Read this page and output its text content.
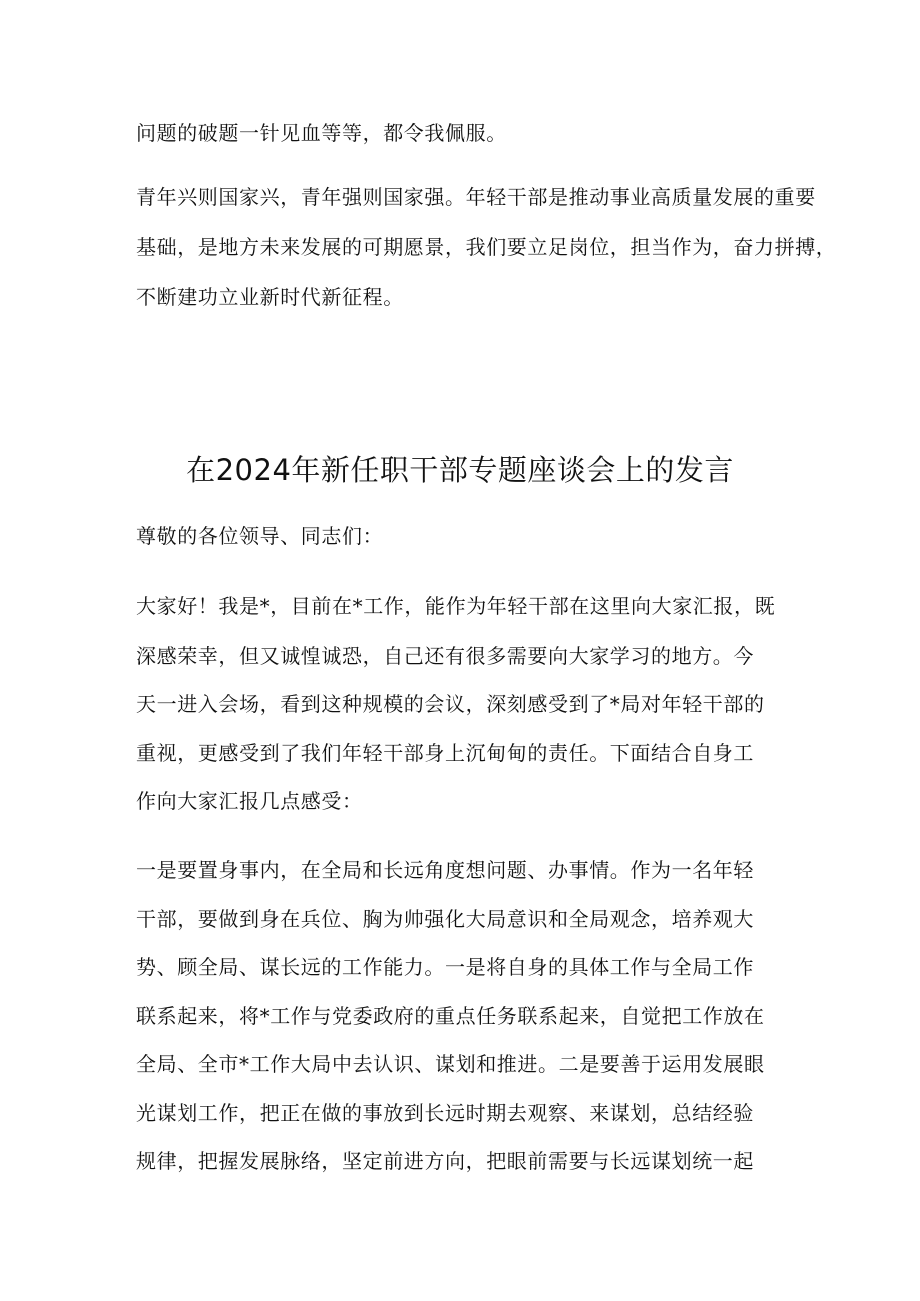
问题的破题一针见血等等，都令我佩服。
青年兴则国家兴，青年强则国家强。年轻干部是推动事业高质量发展的重要
基础，是地方未来发展的可期愿景，我们要立足岗位，担当作为，奋力拼搏，
不断建功立业新时代新征程。
在2024年新任职干部专题座谈会上的发言
尊敬的各位领导、同志们：
大家好！我是*，目前在*工作，能作为年轻干部在这里向大家汇报，既
深感荣幸，但又诚惶诚恐，自己还有很多需要向大家学习的地方。今
天一进入会场，看到这种规模的会议，深刻感受到了*局对年轻干部的
重视，更感受到了我们年轻干部身上沉甸甸的责任。下面结合自身工
作向大家汇报几点感受：
一是要置身事内，在全局和长远角度想问题、办事情。作为一名年轻
干部，要做到身在兵位、胸为帅强化大局意识和全局观念，培养观大
势、顾全局、谋长远的工作能力。一是将自身的具体工作与全局工作
联系起来，将*工作与党委政府的重点任务联系起来，自觉把工作放在
全局、全市*工作大局中去认识、谋划和推进。二是要善于运用发展眼
光谋划工作，把正在做的事放到长远时期去观察、来谋划，总结经验
规律，把握发展脉络，坚定前进方向，把眼前需要与长远谋划统一起
